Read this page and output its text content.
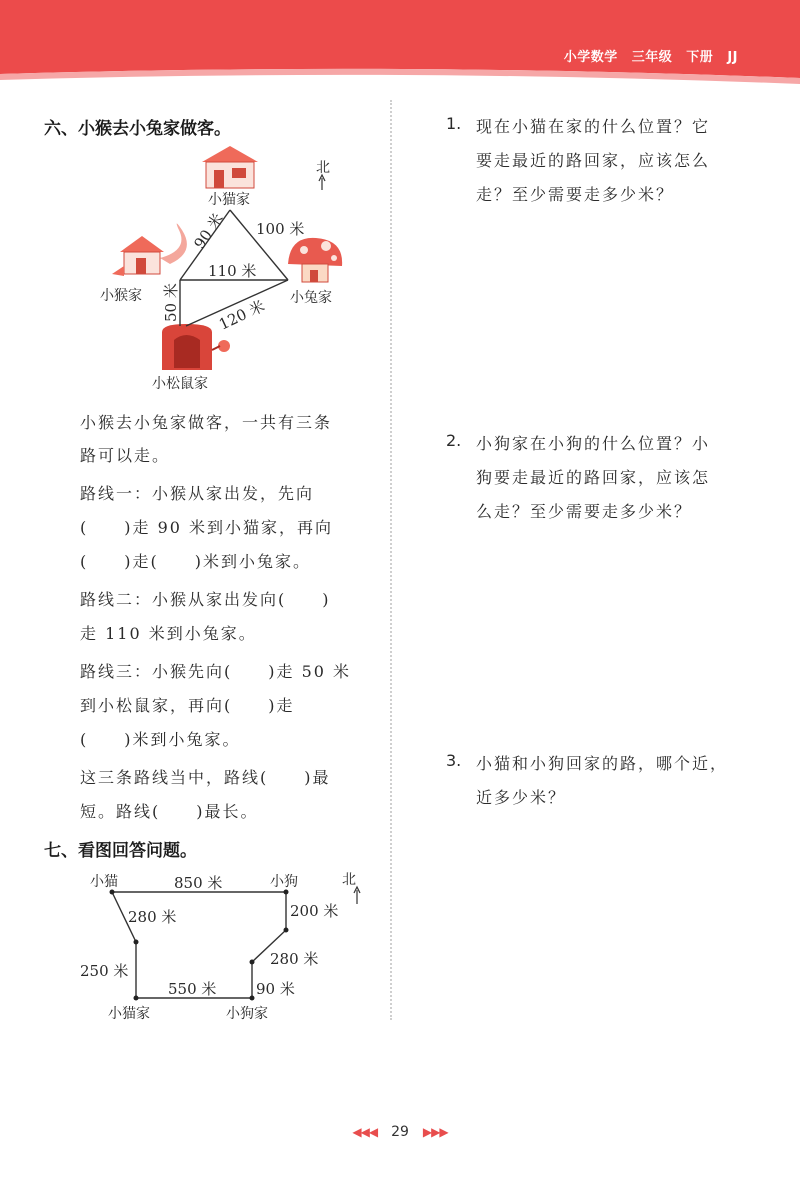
小学数学 三年级 下册 JJ
六、小猴去小兔家做客。
北
小猫家
小猴家	小兔家
小松鼠家
90 米 100 米
110 米
50 米 120 米
小猴去小兔家做客，一共有三条
路可以走。
路线一：小猴从家出发，先向
(　　)走 90 米到小猫家，再向
(　　)走(　　)米到小兔家。
路线二：小猴从家出发向(　　)
走 110 米到小兔家。
路线三：小猴先向(　　)走 50 米
到小松鼠家，再向(　　)走
(　　)米到小兔家。
这三条路线当中，路线(　　)最
短。路线(　　)最长。
七、看图回答问题。
北
小猫	小狗
小猫家	小狗家
850 米
280 米
250 米
550 米
200 米
280 米
90 米
1. 现在小猫在家的什么位置？它
要走最近的路回家，应该怎么
走？至少需要走多少米？
2. 小狗家在小狗的什么位置？小
狗要走最近的路回家，应该怎
么走？至少需要走多少米？
3. 小猫和小狗回家的路，哪个近，
近多少米？
◀◀◀ 29 ▶▶▶
